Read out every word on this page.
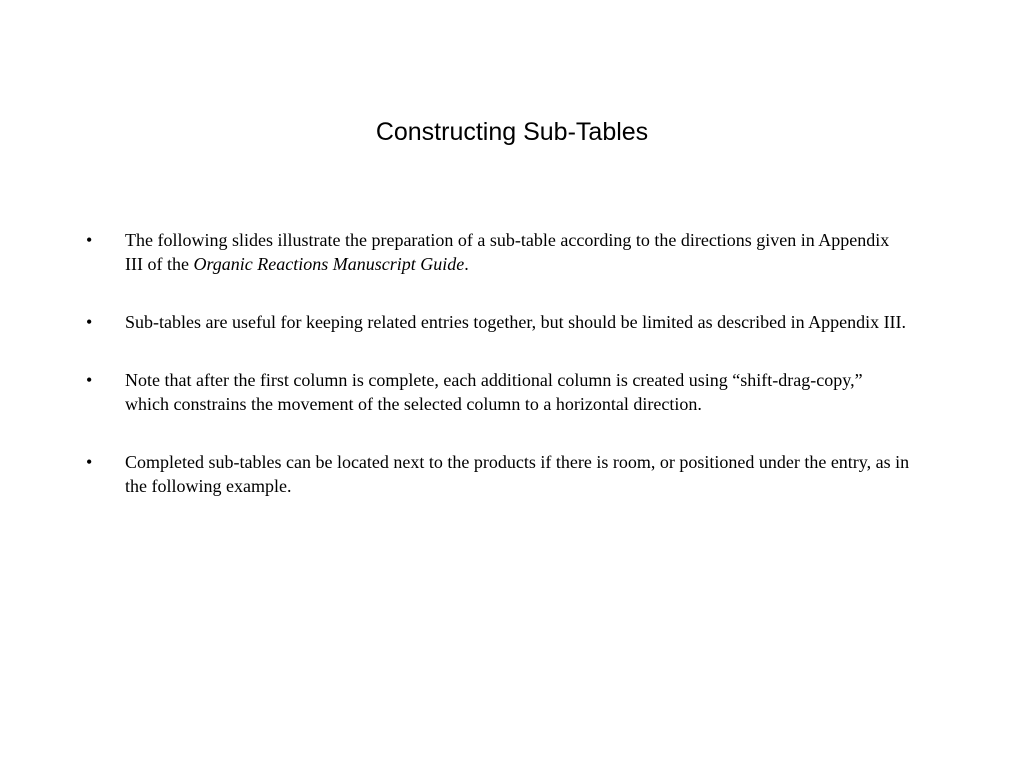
Constructing Sub-Tables
• The following slides illustrate the preparation of a sub-table according to the directions given in Appendix III of the Organic Reactions Manuscript Guide.
• Sub-tables are useful for keeping related entries together, but should be limited as described in Appendix III.
• Note that after the first column is complete, each additional column is created using “shift-drag-copy,” which constrains the movement of the selected column to a horizontal direction.
• Completed sub-tables can be located next to the products if there is room, or positioned under the entry, as in the following example.
